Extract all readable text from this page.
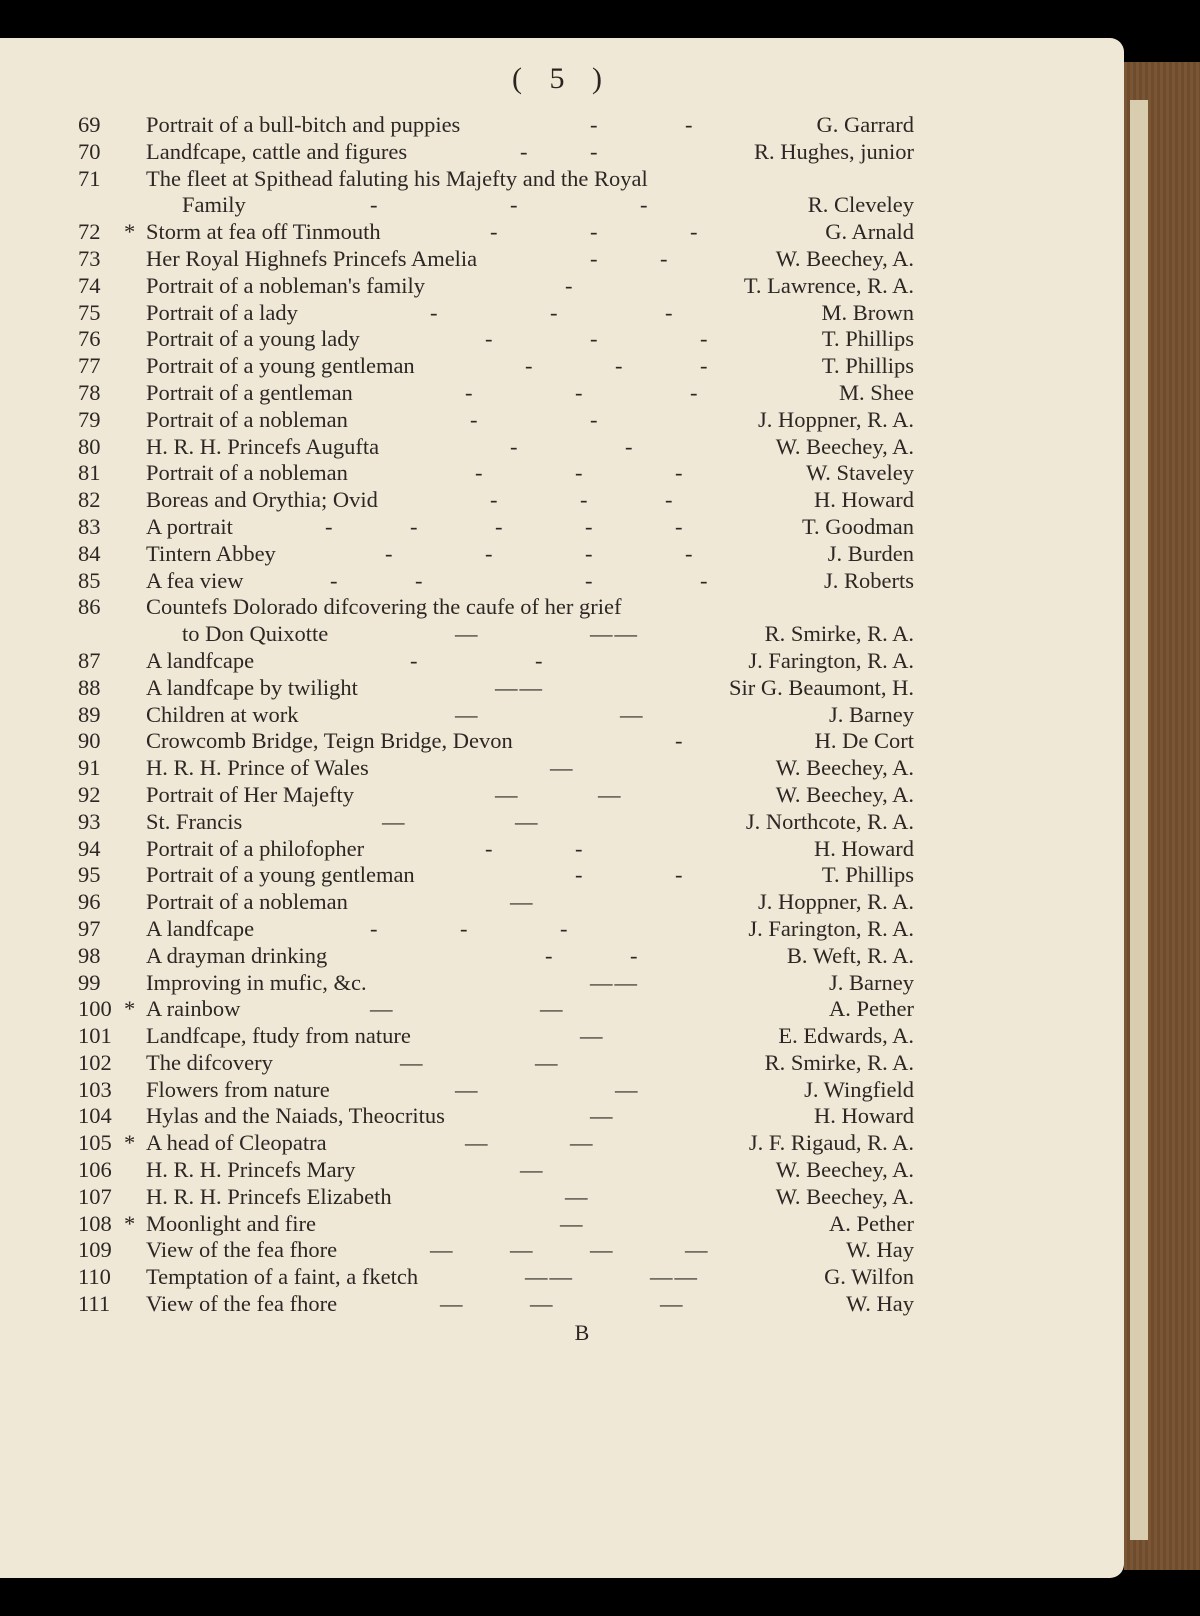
( 5 )
69	Portrait of a bull-bitch and puppies	-	-	G. Garrard
70	Landfcape, cattle and figures	-	-	R. Hughes, junior
71	The fleet at Spithead faluting his Majefty and the Royal
Family	-	-	-	R. Cleveley
72	* Storm at fea off Tinmouth	-	-	-	G. Arnald
73	Her Royal Highnefs Princefs Amelia	-	-	W. Beechey, A.
74	Portrait of a nobleman's family	-	T. Lawrence, R. A.
75	Portrait of a lady	-	-	-	M. Brown
76	Portrait of a young lady	-	-	-	T. Phillips
77	Portrait of a young gentleman	-	-	-	T. Phillips
78	Portrait of a gentleman	-	-	-	M. Shee
79	Portrait of a nobleman	-	-	J. Hoppner, R. A.
80	H. R. H. Princefs Augufta	-	-	W. Beechey, A.
81	Portrait of a nobleman	-	-	-	W. Staveley
82	Boreas and Orythia; Ovid	-	-	-	H. Howard
83	A portrait	-	-	-	-	-	T. Goodman
84	Tintern Abbey	-	-	-	-	J. Burden
85	A fea view	-	-	-	-	J. Roberts
86	Countefs Dolorado difcovering the caufe of her grief
to Don Quixotte	—	——	R. Smirke, R. A.
87	A landfcape	-	-	J. Farington, R. A.
88	A landfcape by twilight	——	Sir G. Beaumont, H.
89	Children at work	—	—	J. Barney
90	Crowcomb Bridge, Teign Bridge, Devon	-	H. De Cort
91	H. R. H. Prince of Wales	—	W. Beechey, A.
92	Portrait of Her Majefty	—	—	W. Beechey, A.
93	St. Francis	—	—	J. Northcote, R. A.
94	Portrait of a philofopher	-	-	H. Howard
95	Portrait of a young gentleman	-	-	T. Phillips
96	Portrait of a nobleman	—	J. Hoppner, R. A.
97	A landfcape	-	-	-	J. Farington, R. A.
98	A drayman drinking	-	-	B. Weft, R. A.
99	Improving in mufic, &c.	——	J. Barney
100 * A rainbow	—	—	A. Pether
101	Landfcape, ftudy from nature	—	E. Edwards, A.
102	The difcovery	—	—	R. Smirke, R. A.
103	Flowers from nature	—	—	J. Wingfield
104	Hylas and the Naiads, Theocritus	—	H. Howard
105 * A head of Cleopatra	—	—	J. F. Rigaud, R. A.
106	H. R. H. Princefs Mary	—	W. Beechey, A.
107	H. R. H. Princefs Elizabeth	—	W. Beechey, A.
108 * Moonlight and fire	—	A. Pether
109	View of the fea fhore	— — —	—	W. Hay
110	Temptation of a faint, a fketch	——	——	G. Wilfon
111	View of the fea fhore	—	—	—	W. Hay
B
